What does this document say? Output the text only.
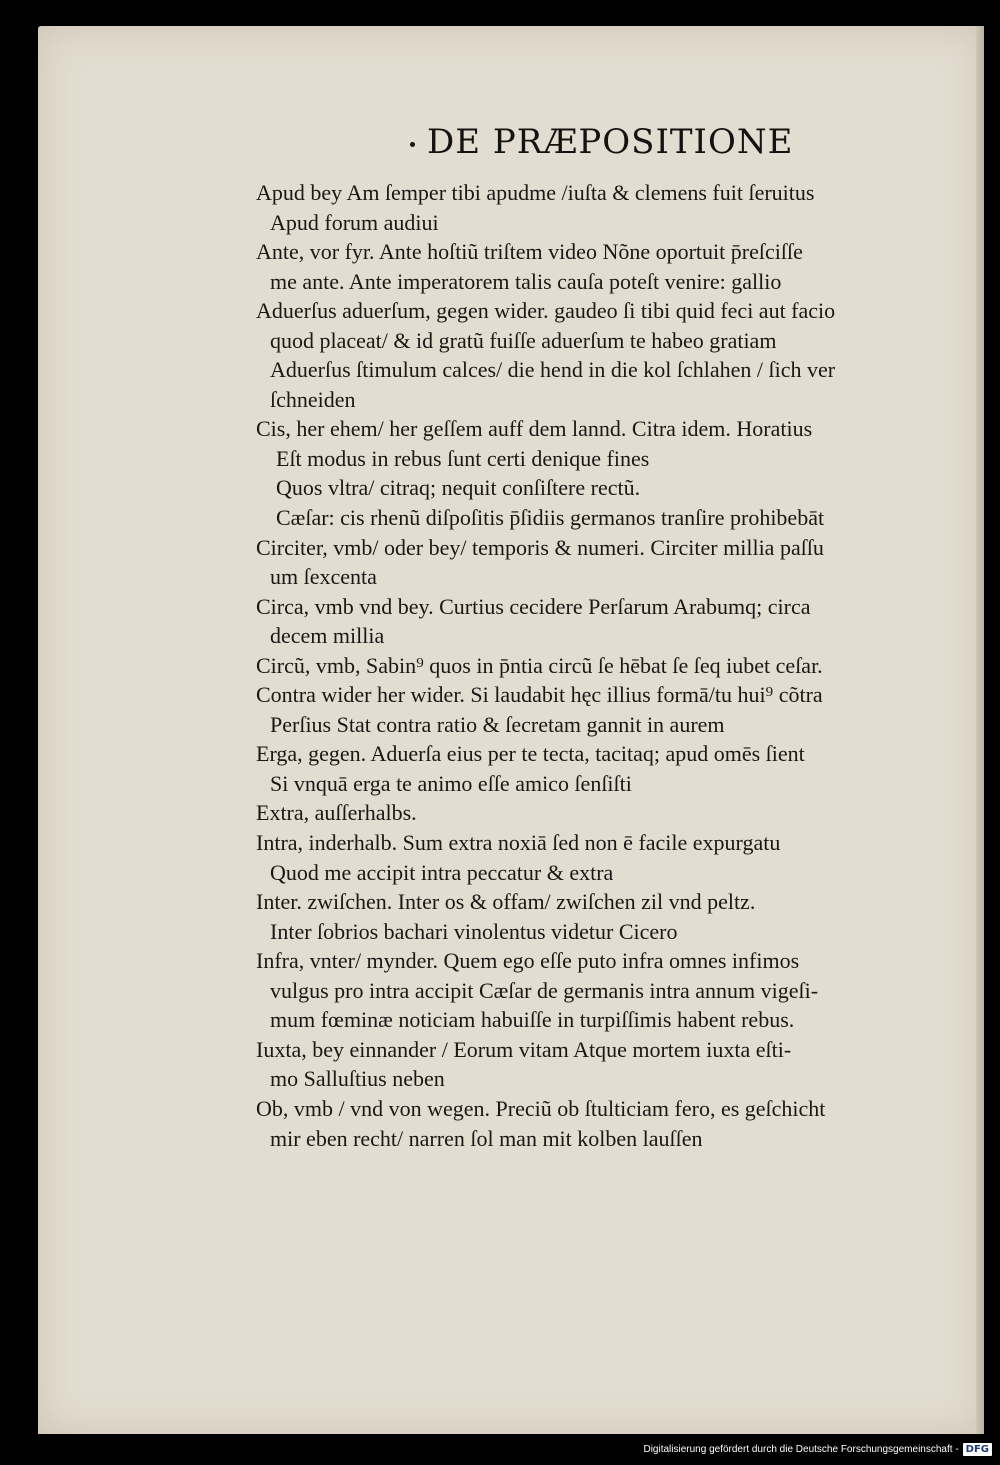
DE PRÆPOSITIONE
Apud bey Am ſemper tibi apudme /iuſta & clemens fuit ſeruitus
Apud forum audiui
Ante, vor fyr. Ante hoſtiũ triſtem video Nõne oportuit p̄reſciſſe
me ante. Ante imperatorem talis cauſa poteſt venire: gallio
Aduerſus aduerſum, gegen wider. gaudeo ſi tibi quid feci aut facio
quod placeat/ & id gratũ fuiſſe aduerſum te habeo gratiam
Aduerſus ſtimulum calces/ die hend in die kol ſchlahen / ſich ver
ſchneiden
Cis, her ehem/ her geſſem auff dem lannd. Citra idem. Horatius
Eſt modus in rebus ſunt certi denique fines
Quos vltra/ citraq; nequit conſiſtere rectũ.
Cæſar: cis rhenũ diſpoſitis p̄ſidiis germanos tranſire prohibebāt
Circiter, vmb/ oder bey/ temporis & numeri. Circiter millia paſſu
um ſexcenta
Circa, vmb vnd bey. Curtius cecidere Perſarum Arabumq; circa
decem millia
Circũ, vmb, Sabin⁹ quos in p̄ntia circũ ſe hēbat ſe ſeq iubet ceſar.
Contra wider her wider. Si laudabit hęc illius formā/tu hui⁹ cõtra
Perſius Stat contra ratio & ſecretam gannit in aurem
Erga, gegen. Aduerſa eius per te tecta, tacitaq; apud omēs ſient
Si vnquā erga te animo eſſe amico ſenſiſti
Extra, auſſerhalbs.
Intra, inderhalb. Sum extra noxiā ſed non ē facile expurgatu
Quod me accipit intra peccatur & extra
Inter. zwiſchen. Inter os & offam/ zwiſchen zil vnd peltz.
Inter ſobrios bachari vinolentus videtur Cicero
Infra, vnter/ mynder. Quem ego eſſe puto infra omnes infimos
vulgus pro intra accipit Cæſar de germanis intra annum vigeſi-
mum fœminæ noticiam habuiſſe in turpiſſimis habent rebus.
Iuxta, bey einnander / Eorum vitam Atque mortem iuxta eſti-
mo Salluſtius neben
Ob, vmb / vnd von wegen. Preciũ ob ſtulticiam fero, es geſchicht
mir eben recht/ narren ſol man mit kolben lauſſen
Digitalisierung gefördert durch die Deutsche Forschungsgemeinschaft - DFG
